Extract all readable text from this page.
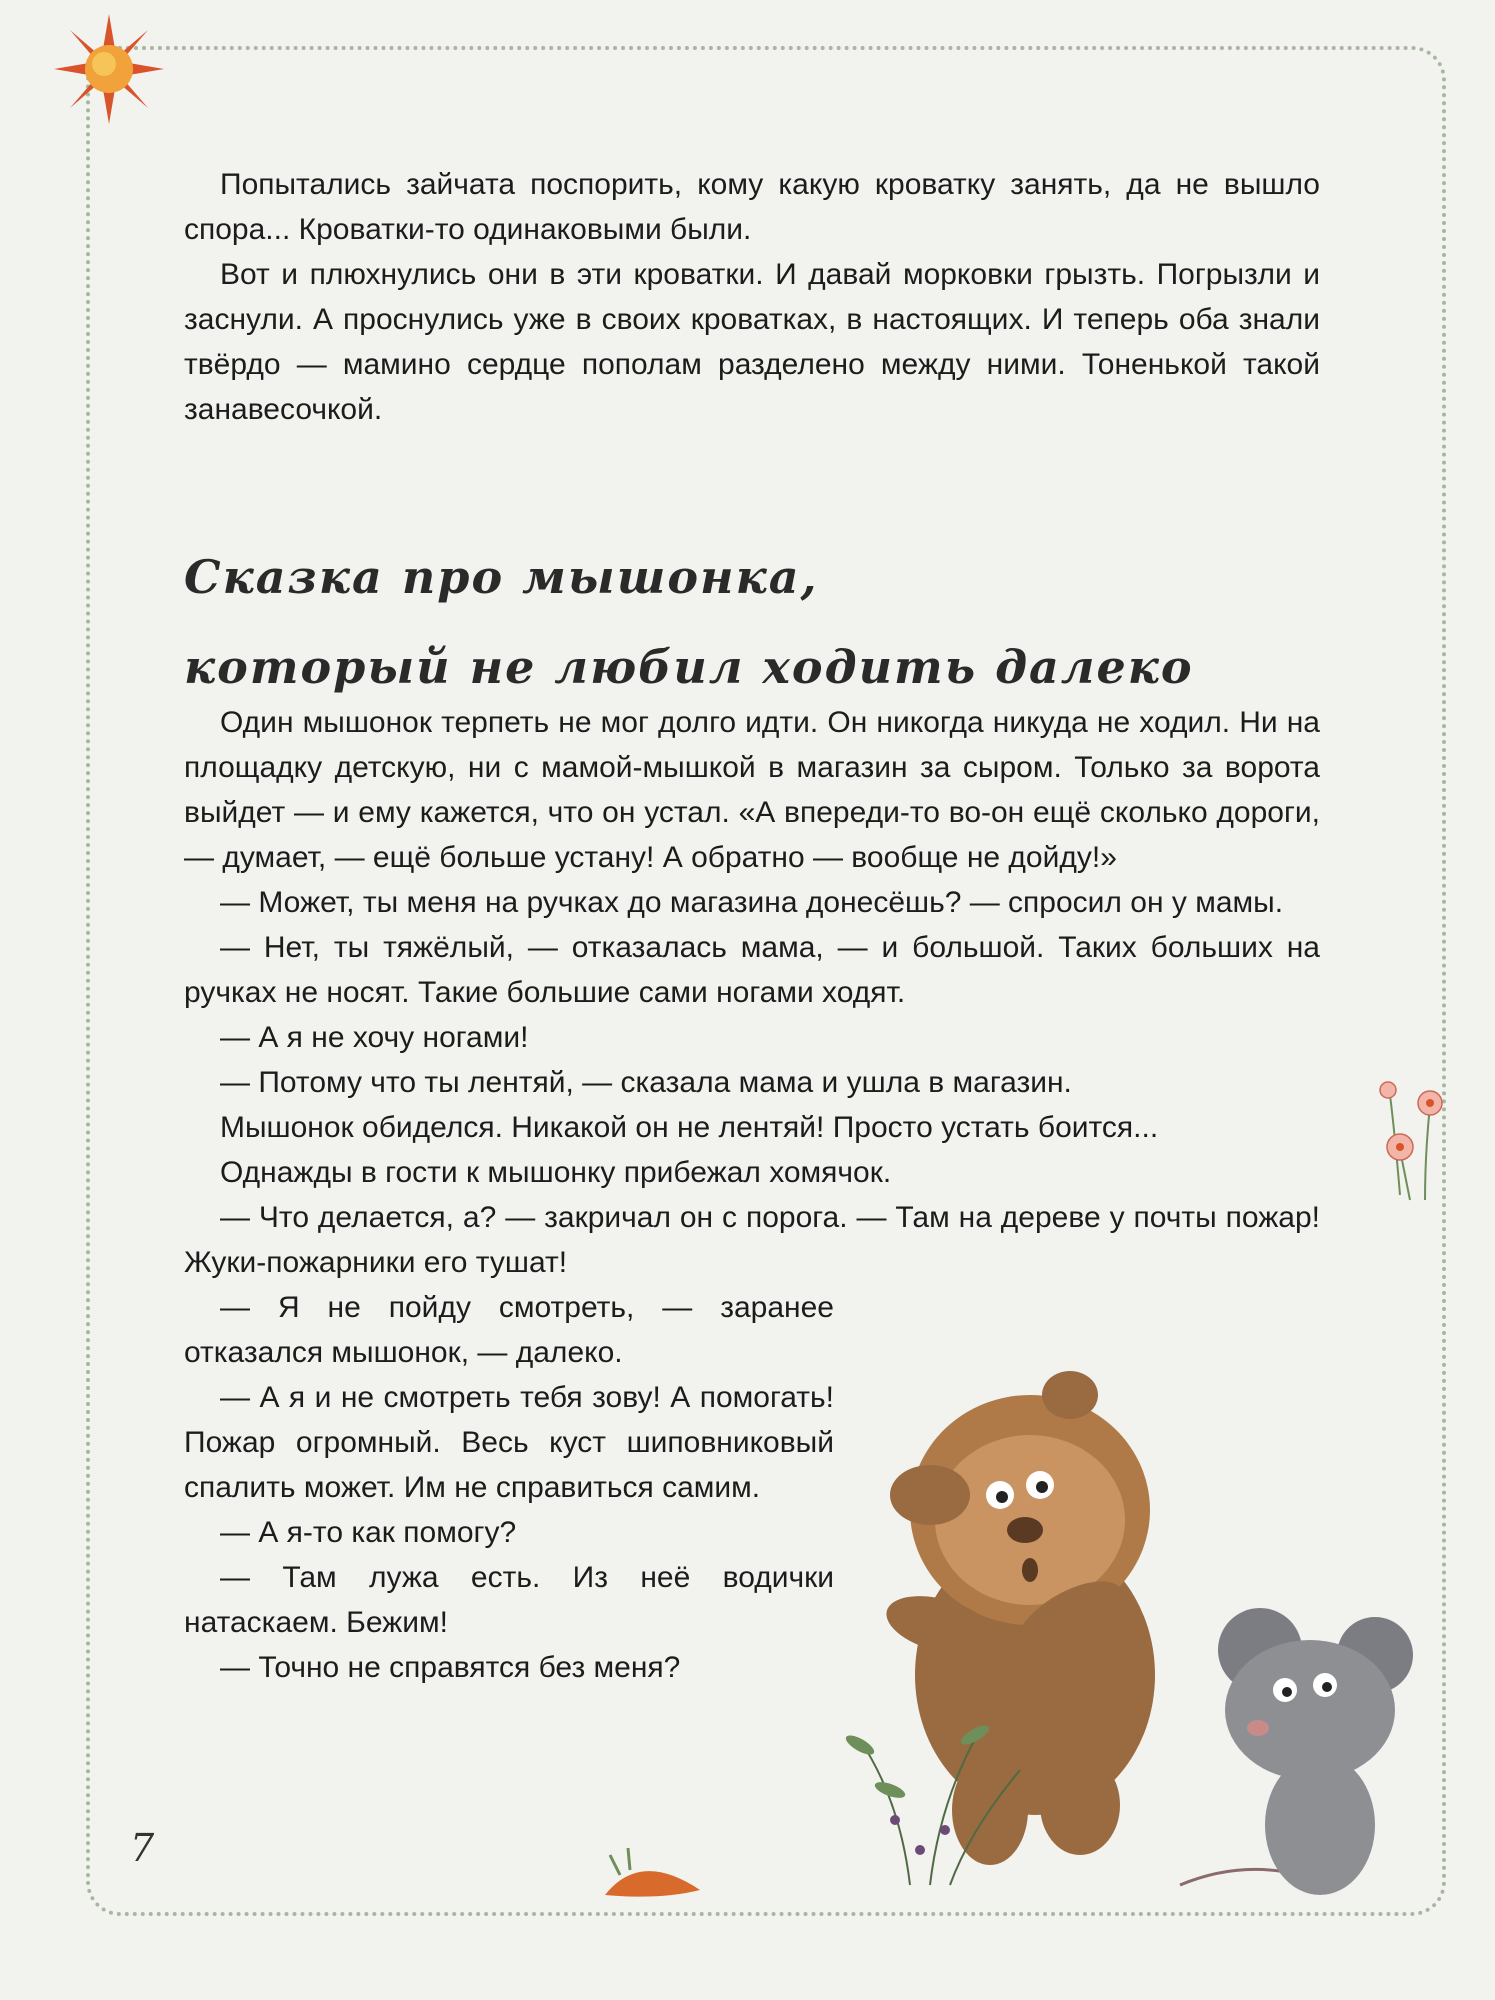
Попытались зайчата поспорить, кому какую кроватку занять, да не вышло спора... Кроватки-то одинаковыми были.

Вот и плюхнулись они в эти кроватки. И давай морковки грызть. Погрызли и заснули. А проснулись уже в своих кроватках, в настоящих. И теперь оба знали твёрдо — мамино сердце пополам разделено между ними. Тоненькой такой занавесочкой.

Сказка про мышонка,
который не любил ходить далеко

Один мышонок терпеть не мог долго идти. Он никогда никуда не ходил. Ни на площадку детскую, ни с мамой-мышкой в магазин за сыром. Только за ворота выйдет — и ему кажется, что он устал. «А впереди-то во-он ещё сколько дороги, — думает, — ещё больше устану! А обратно — вообще не дойду!»

— Может, ты меня на ручках до магазина донесёшь? — спросил он у мамы.

— Нет, ты тяжёлый, — отказалась мама, — и большой. Таких больших на ручках не носят. Такие большие сами ногами ходят.

— А я не хочу ногами!

— Потому что ты лентяй, — сказала мама и ушла в магазин.

Мышонок обиделся. Никакой он не лентяй! Просто устать боится...

Однажды в гости к мышонку прибежал хомячок.

— Что делается, а? — закричал он с порога. — Там на дереве у почты пожар! Жуки-пожарники его тушат!

— Я не пойду смотреть, — заранее отказался мышонок, — далеко.

— А я и не смотреть тебя зову! А помогать! Пожар огромный. Весь куст шиповниковый спалить может. Им не справиться самим.

— А я-то как помогу?

— Там лужа есть. Из неё водички натаскаем. Бежим!

— Точно не справятся без меня?

7
